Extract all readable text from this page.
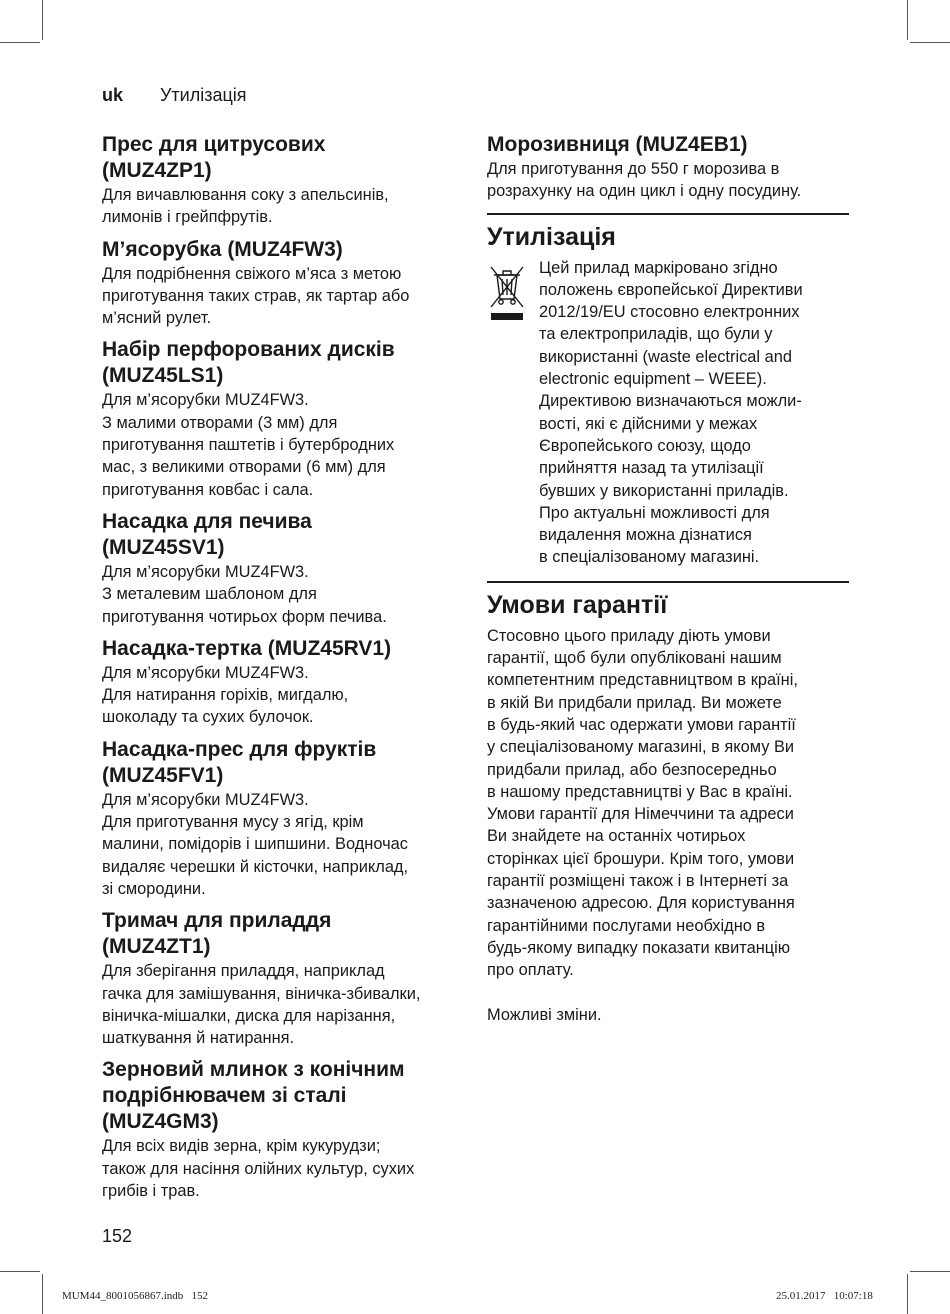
uk Утилізація
Прес для цитрусових
(MUZ4ZP1)

Для вичавлювання соку з апельсинів,
лимонів і грейпфрутів.

М’ясорубка (MUZ4FW3)

Для подрібнення свіжого м’яса з метою
приготування таких страв, як тартар або
м’ясний рулет.

Набір перфорованих дисків
(MUZ45LS1)

Для м’ясорубки MUZ4FW3.
З малими отворами (3 мм) для
приготування паштетів і бутербродних
мас, з великими отворами (6 мм) для
приготування ковбас і сала.

Насадка для печива
(MUZ45SV1)

Для м’ясорубки MUZ4FW3.
З металевим шаблоном для
приготування чотирьох форм печива.

Насадка-тертка (MUZ45RV1)

Для м’ясорубки MUZ4FW3.
Для натирання горіхів, мигдалю,
шоколаду та сухих булочок.

Насадка-прес для фруктів
(MUZ45FV1)

Для м’ясорубки MUZ4FW3.
Для приготування мусу з ягід, крім
малини, помідорів і шипшини. Водночас
видаляє черешки й кісточки, наприклад,
зі смородини.

Тримач для приладдя
(MUZ4ZT1)

Для зберігання приладдя, наприклад
гачка для замішування, віничка-збивалки,
віничка-мішалки, диска для нарізання,
шаткування й натирання.

Зерновий млинок з конічним
подрібнювачем зі сталі
(MUZ4GM3)

Для всіх видів зерна, крім кукурудзи;
також для насіння олійних культур, сухих
грибів і трав.

Морозивниця (MUZ4EB1)

Для приготування до 550 г морозива в
розрахунку на один цикл і одну посудину.

Утилізація
Цей прилад маркіровано згідно
положень європейської Директиви
2012/19/EU стосовно електронних
та електроприладів, що були у
використанні (waste electrical and
electronic equipment – WEEE).
Директивою визначаються можли-
вості, які є дійсними у межах
Європейського союзу, щодо
прийняття назад та утилізації
бувших у використанні приладів.
Про актуальні можливості для
видалення можна дізнатися
в спеціалізованому магазині.
Умови гарантії
Стосовно цього приладу діють умови
гарантії, щоб були опубліковані нашим
компетентним представництвом в країні,
в якій Ви придбали прилад. Ви можете
в будь-який час одержати умови гарантії
у спеціалізованому магазині, в якому Ви
придбали прилад, або безпосередньо
в нашому представництві у Вас в країні.
Умови гарантії для Німеччини та адреси
Ви знайдете на останніх чотирьох
сторінках цієї брошури. Крім того, умови
гарантії розміщені також і в Інтернеті за
зазначеною адресою. Для користування
гарантійними послугами необхідно в
будь-якому випадку показати квитанцію
про оплату.

Можливі зміни.

152
MUM44_8001056867.indb   152	25.01.2017   10:07:18
